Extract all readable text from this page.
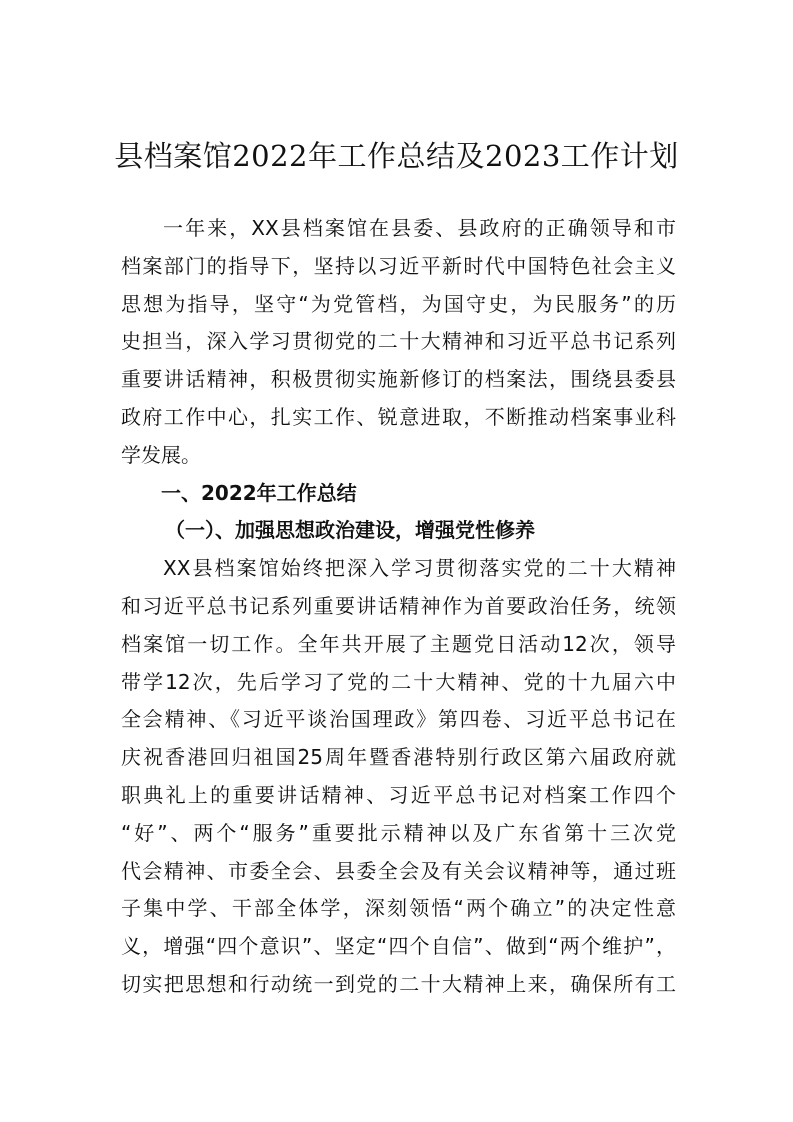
县档案馆2022年工作总结及2023工作计划
一年来，XX县档案馆在县委、县政府的正确领导和市
档案部门的指导下，坚持以习近平新时代中国特色社会主义
思想为指导，坚守“为党管档，为国守史，为民服务”的历
史担当，深入学习贯彻党的二十大精神和习近平总书记系列
重要讲话精神，积极贯彻实施新修订的档案法，围绕县委县
政府工作中心，扎实工作、锐意进取，不断推动档案事业科
学发展。
一、2022年工作总结
（一）、加强思想政治建设，增强党性修养
XX县档案馆始终把深入学习贯彻落实党的二十大精神
和习近平总书记系列重要讲话精神作为首要政治任务，统领
档案馆一切工作。全年共开展了主题党日活动12次，领导
带学12次，先后学习了党的二十大精神、党的十九届六中
全会精神、《习近平谈治国理政》第四卷、习近平总书记在
庆祝香港回归祖国25周年暨香港特别行政区第六届政府就
职典礼上的重要讲话精神、习近平总书记对档案工作四个
“好”、两个“服务”重要批示精神以及广东省第十三次党
代会精神、市委全会、县委全会及有关会议精神等，通过班
子集中学、干部全体学，深刻领悟“两个确立”的决定性意
义，增强“四个意识”、坚定“四个自信”、做到“两个维护”，
切实把思想和行动统一到党的二十大精神上来，确保所有工
